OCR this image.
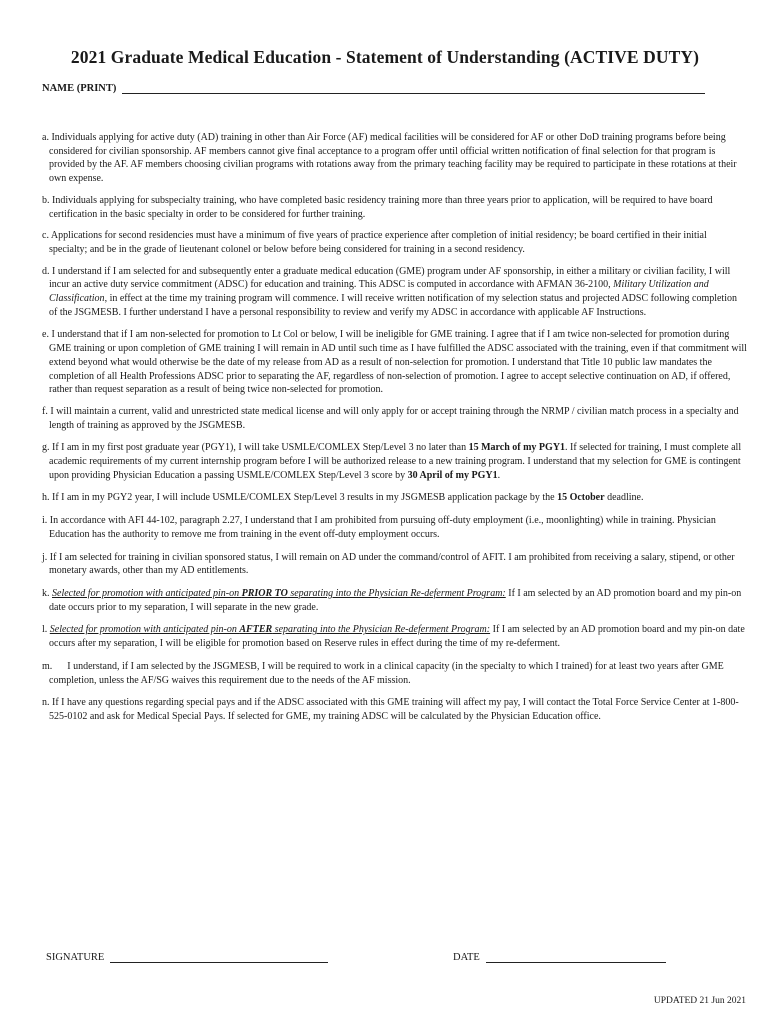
2021 Graduate Medical Education - Statement of Understanding (ACTIVE DUTY)
NAME (PRINT)
a. Individuals applying for active duty (AD) training in other than Air Force (AF) medical facilities will be considered for AF or other DoD training programs before being considered for civilian sponsorship. AF members cannot give final acceptance to a program offer until official written notification of final selection for that program is provided by the AF. AF members choosing civilian programs with rotations away from the primary teaching facility may be required to participate in these rotations at their own expense.
b. Individuals applying for subspecialty training, who have completed basic residency training more than three years prior to application, will be required to have board certification in the basic specialty in order to be considered for further training.
c. Applications for second residencies must have a minimum of five years of practice experience after completion of initial residency; be board certified in their initial specialty; and be in the grade of lieutenant colonel or below before being considered for training in a second residency.
d. I understand if I am selected for and subsequently enter a graduate medical education (GME) program under AF sponsorship, in either a military or civilian facility, I will incur an active duty service commitment (ADSC) for education and training. This ADSC is computed in accordance with AFMAN 36-2100, Military Utilization and Classification, in effect at the time my training program will commence. I will receive written notification of my selection status and projected ADSC following completion of the JSGMESB. I further understand I have a personal responsibility to review and verify my ADSC in accordance with applicable AF Instructions.
e. I understand that if I am non-selected for promotion to Lt Col or below, I will be ineligible for GME training. I agree that if I am twice non-selected for promotion during GME training or upon completion of GME training I will remain in AD until such time as I have fulfilled the ADSC associated with the training, even if that commitment will extend beyond what would otherwise be the date of my release from AD as a result of non-selection for promotion. I understand that Title 10 public law mandates the completion of all Health Professions ADSC prior to separating the AF, regardless of non-selection of promotion. I agree to accept selective continuation on AD, if offered, rather than request separation as a result of being twice non-selected for promotion.
f. I will maintain a current, valid and unrestricted state medical license and will only apply for or accept training through the NRMP / civilian match process in a specialty and length of training as approved by the JSGMESB.
g. If I am in my first post graduate year (PGY1), I will take USMLE/COMLEX Step/Level 3 no later than 15 March of my PGY1. If selected for training, I must complete all academic requirements of my current internship program before I will be authorized release to a new training program. I understand that my selection for GME is contingent upon providing Physician Education a passing USMLE/COMLEX Step/Level 3 score by 30 April of my PGY1.
h. If I am in my PGY2 year, I will include USMLE/COMLEX Step/Level 3 results in my JSGMESB application package by the 15 October deadline.
i. In accordance with AFI 44-102, paragraph 2.27, I understand that I am prohibited from pursuing off-duty employment (i.e., moonlighting) while in training. Physician Education has the authority to remove me from training in the event off-duty employment occurs.
j. If I am selected for training in civilian sponsored status, I will remain on AD under the command/control of AFIT. I am prohibited from receiving a salary, stipend, or other monetary awards, other than my AD entitlements.
k. Selected for promotion with anticipated pin-on PRIOR TO separating into the Physician Re-deferment Program: If I am selected by an AD promotion board and my pin-on date occurs prior to my separation, I will separate in the new grade.
l. Selected for promotion with anticipated pin-on AFTER separating into the Physician Re-deferment Program: If I am selected by an AD promotion board and my pin-on date occurs after my separation, I will be eligible for promotion based on Reserve rules in effect during the time of my re-deferment.
m.      I understand, if I am selected by the JSGMESB, I will be required to work in a clinical capacity (in the specialty to which I trained) for at least two years after GME completion, unless the AF/SG waives this requirement due to the needs of the AF mission.
n. If I have any questions regarding special pays and if the ADSC associated with this GME training will affect my pay, I will contact the Total Force Service Center at 1-800-525-0102 and ask for Medical Special Pays. If selected for GME, my training ADSC will be calculated by the Physician Education office.
SIGNATURE	DATE
UPDATED 21 Jun 2021
